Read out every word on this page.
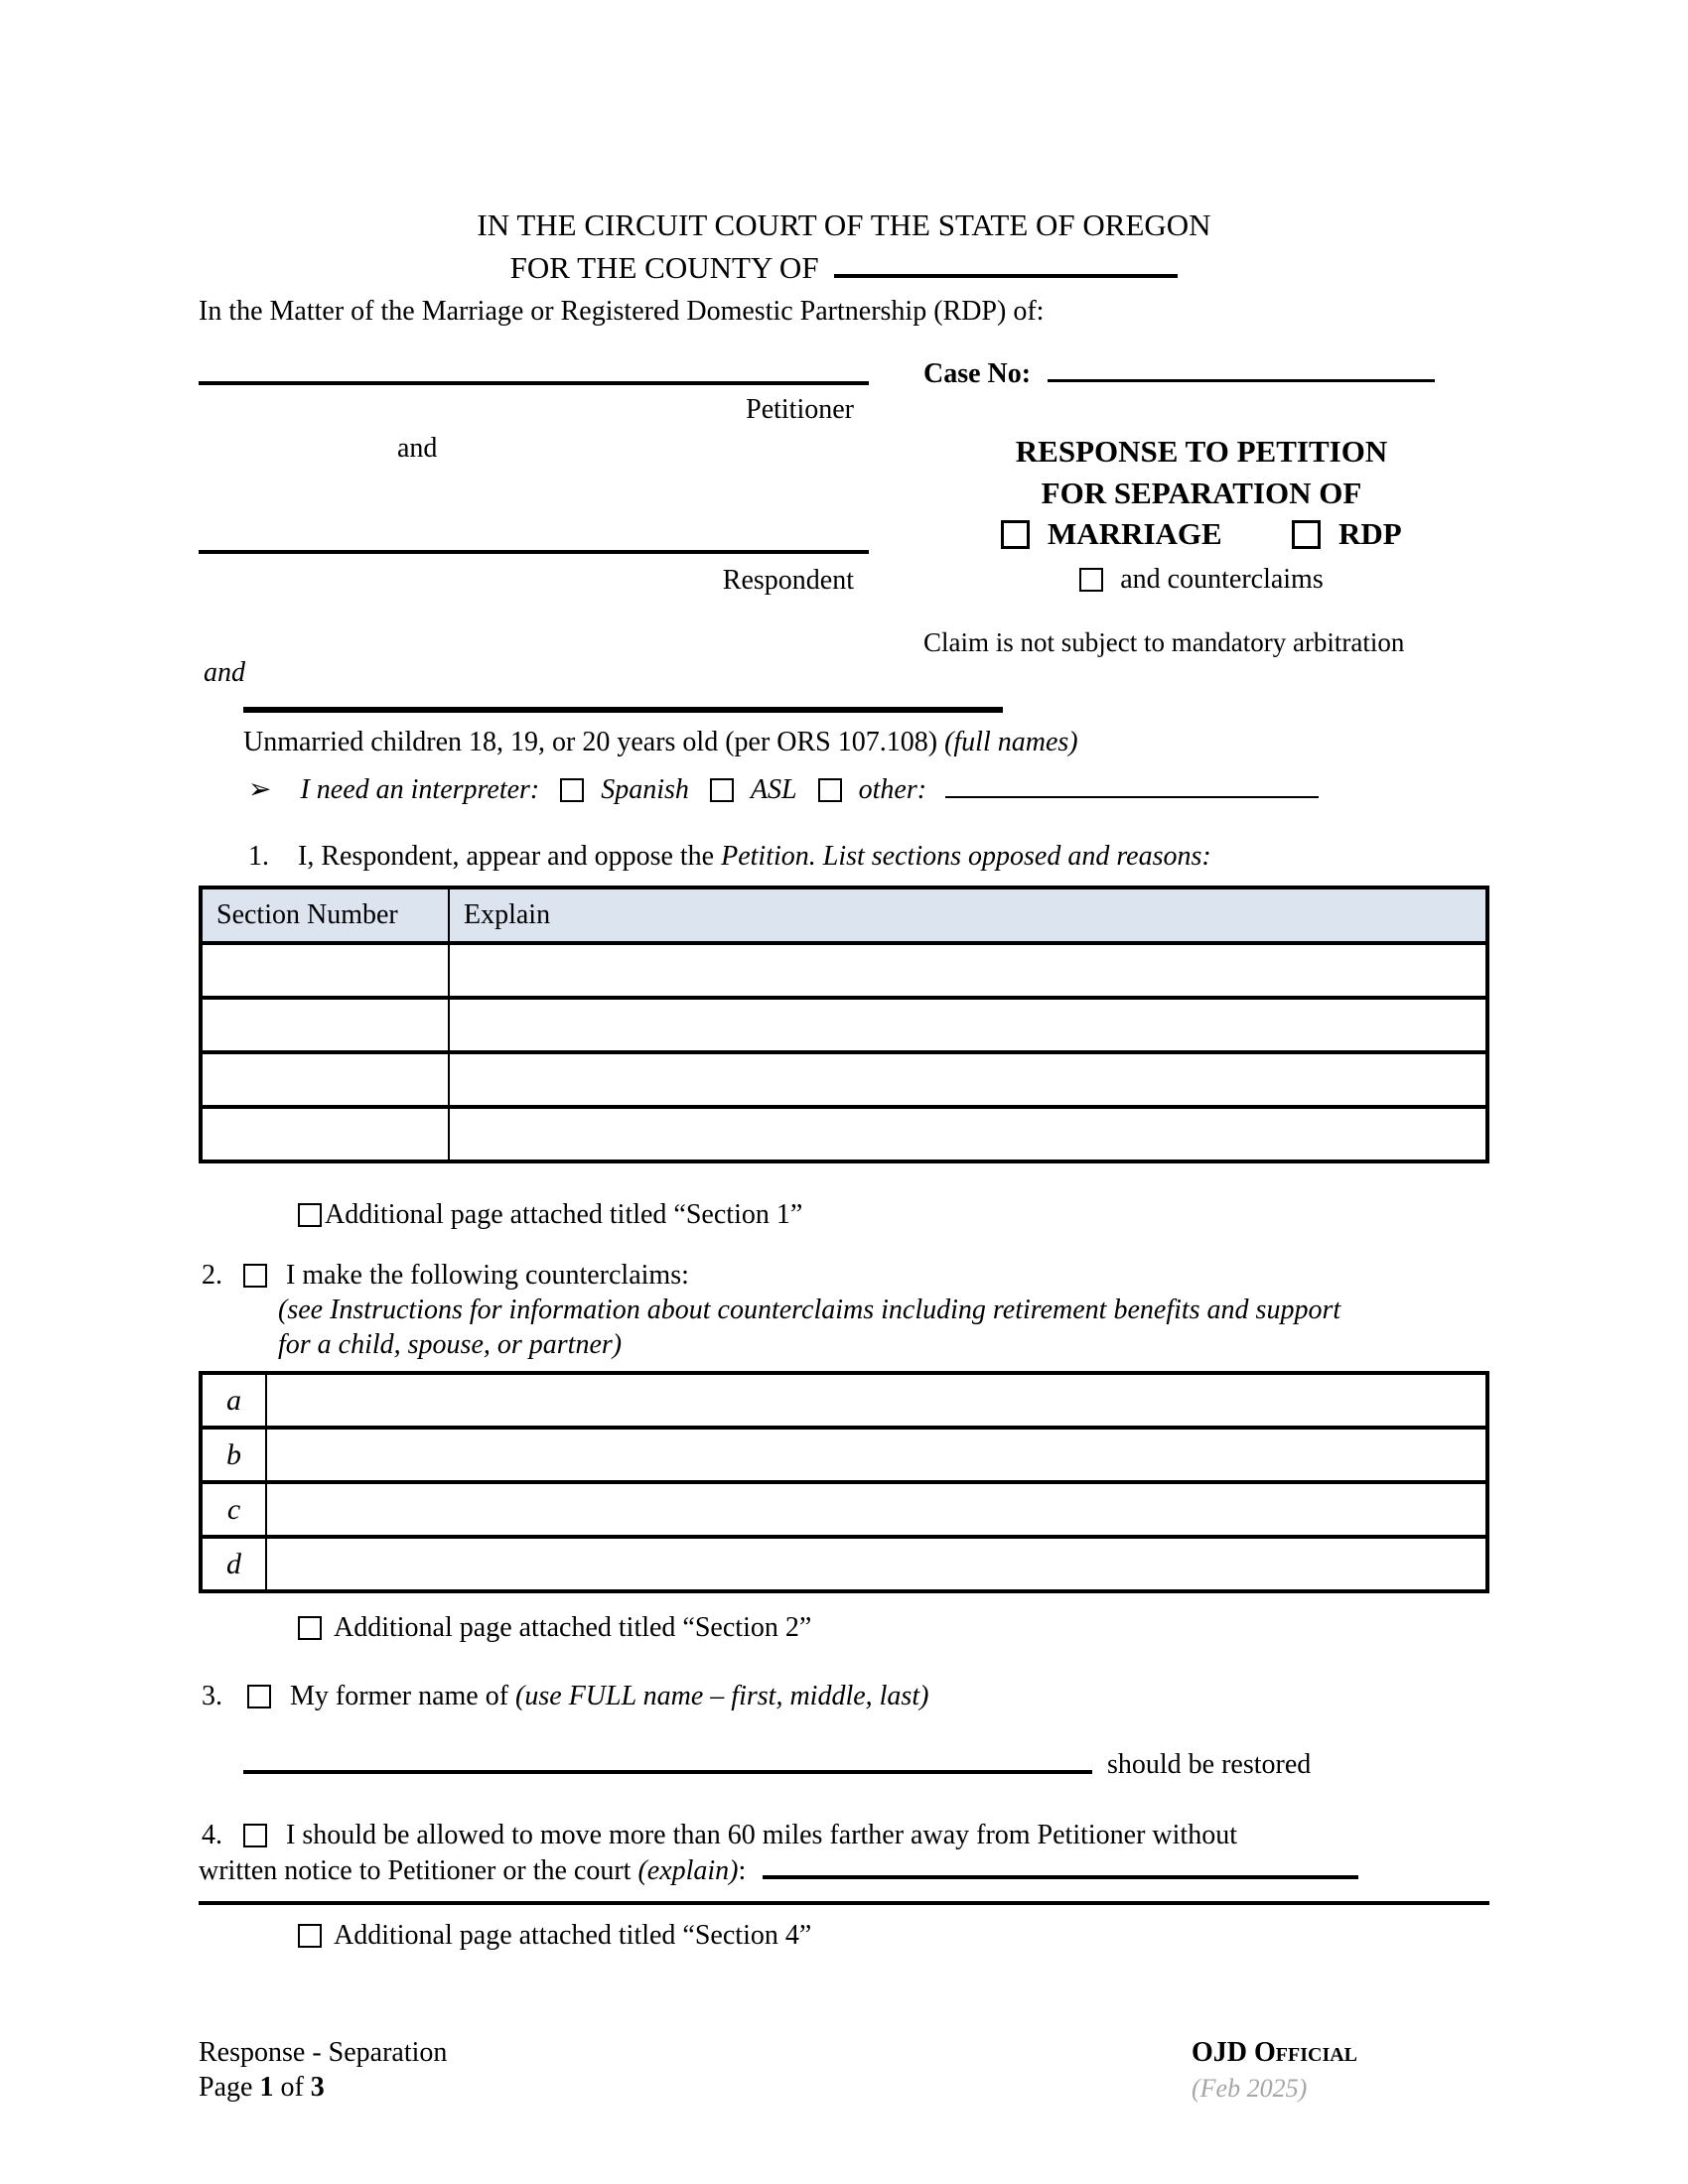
IN THE CIRCUIT COURT OF THE STATE OF OREGON
FOR THE COUNTY OF
In the Matter of the Marriage or Registered Domestic Partnership (RDP) of:
Petitioner
and
Respondent
Case No:
RESPONSE TO PETITION
FOR SEPARATION OF
MARRIAGE	RDP
and counterclaims
Claim is not subject to mandatory arbitration
and
Unmarried children 18, 19, or 20 years old (per ORS 107.108) (full names)
➢ I need an interpreter: Spanish ASL other:
1. I, Respondent, appear and oppose the Petition. List sections opposed and reasons:
Section Number	Explain

Additional page attached titled “Section 1”
2. I make the following counterclaims:
(see Instructions for information about counterclaims including retirement benefits and support
for a child, spouse, or partner)
a	
b	
c	
d	
Additional page attached titled “Section 2”
3. My former name of (use FULL name – first, middle, last)
should be restored
4. I should be allowed to move more than 60 miles farther away from Petitioner without
written notice to Petitioner or the court (explain):
Additional page attached titled “Section 4”
Response - Separation
Page 1 of 3
OJD Official
(Feb 2025)
